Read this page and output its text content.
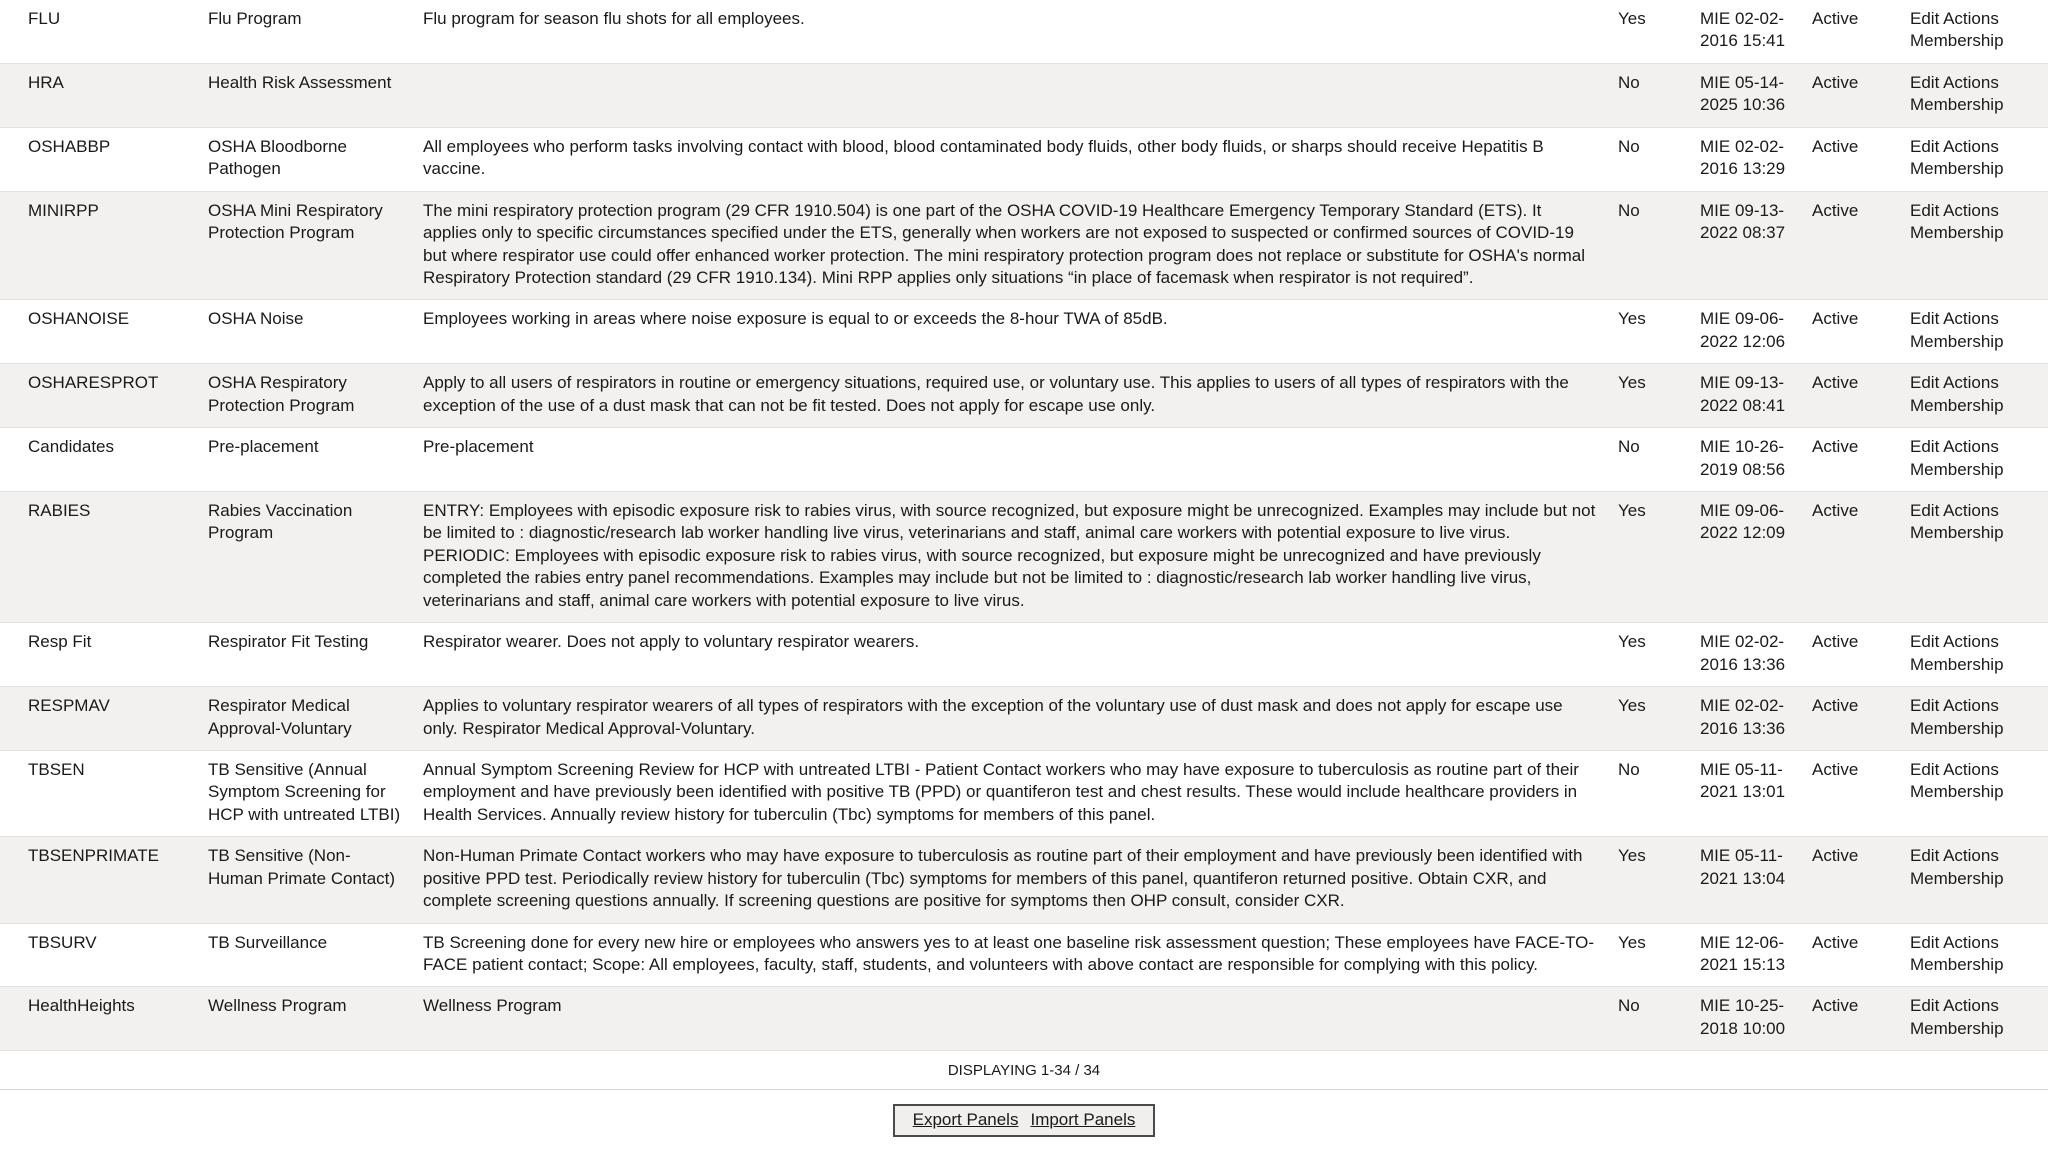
FLU	Flu Program	Flu program for season flu shots for all employees.	Yes	MIE 02-02-2016 15:41	Active	Edit Actions
Membership

HRA	Health Risk Assessment		No	MIE 05-14-2025 10:36	Active	Edit Actions
Membership

OSHABBP	OSHA Bloodborne Pathogen	All employees who perform tasks involving contact with blood, blood contaminated body fluids, other body fluids, or sharps should receive Hepatitis B vaccine.	No	MIE 02-02-2016 13:29	Active	Edit Actions
Membership

MINIRPP	OSHA Mini Respiratory Protection Program	The mini respiratory protection program (29 CFR 1910.504) is one part of the OSHA COVID-19 Healthcare Emergency Temporary Standard (ETS). It applies only to specific circumstances specified under the ETS, generally when workers are not exposed to suspected or confirmed sources of COVID-19 but where respirator use could offer enhanced worker protection. The mini respiratory protection program does not replace or substitute for OSHA's normal Respiratory Protection standard (29 CFR 1910.134). Mini RPP applies only situations “in place of facemask when respirator is not required”.	No	MIE 09-13-2022 08:37	Active	Edit Actions
Membership

OSHANOISE	OSHA Noise	Employees working in areas where noise exposure is equal to or exceeds the 8-hour TWA of 85dB.	Yes	MIE 09-06-2022 12:06	Active	Edit Actions
Membership

OSHARESPROT	OSHA Respiratory Protection Program	Apply to all users of respirators in routine or emergency situations, required use, or voluntary use. This applies to users of all types of respirators with the exception of the use of a dust mask that can not be fit tested. Does not apply for escape use only.	Yes	MIE 09-13-2022 08:41	Active	Edit Actions
Membership

Candidates	Pre-placement	Pre-placement	No	MIE 10-26-2019 08:56	Active	Edit Actions
Membership

RABIES	Rabies Vaccination Program	ENTRY: Employees with episodic exposure risk to rabies virus, with source recognized, but exposure might be unrecognized. Examples may include but not be limited to : diagnostic/research lab worker handling live virus, veterinarians and staff, animal care workers with potential exposure to live virus. PERIODIC: Employees with episodic exposure risk to rabies virus, with source recognized, but exposure might be unrecognized and have previously completed the rabies entry panel recommendations. Examples may include but not be limited to : diagnostic/research lab worker handling live virus, veterinarians and staff, animal care workers with potential exposure to live virus.	Yes	MIE 09-06-2022 12:09	Active	Edit Actions
Membership

Resp Fit	Respirator Fit Testing	Respirator wearer. Does not apply to voluntary respirator wearers.	Yes	MIE 02-02-2016 13:36	Active	Edit Actions
Membership

RESPMAV	Respirator Medical Approval-Voluntary	Applies to voluntary respirator wearers of all types of respirators with the exception of the voluntary use of dust mask and does not apply for escape use only. Respirator Medical Approval-Voluntary.	Yes	MIE 02-02-2016 13:36	Active	Edit Actions
Membership

TBSEN	TB Sensitive (Annual Symptom Screening for HCP with untreated LTBI)	Annual Symptom Screening Review for HCP with untreated LTBI - Patient Contact workers who may have exposure to tuberculosis as routine part of their employment and have previously been identified with positive TB (PPD) or quantiferon test and chest results. These would include healthcare providers in Health Services. Annually review history for tuberculin (Tbc) symptoms for members of this panel.	No	MIE 05-11-2021 13:01	Active	Edit Actions
Membership

TBSENPRIMATE	TB Sensitive (Non-Human Primate Contact)	Non-Human Primate Contact workers who may have exposure to tuberculosis as routine part of their employment and have previously been identified with positive PPD test. Periodically review history for tuberculin (Tbc) symptoms for members of this panel, quantiferon returned positive. Obtain CXR, and complete screening questions annually. If screening questions are positive for symptoms then OHP consult, consider CXR.	Yes	MIE 05-11-2021 13:04	Active	Edit Actions
Membership

TBSURV	TB Surveillance	TB Screening done for every new hire or employees who answers yes to at least one baseline risk assessment question; These employees have FACE-TO-FACE patient contact; Scope: All employees, faculty, staff, students, and volunteers with above contact are responsible for complying with this policy.	Yes	MIE 12-06-2021 15:13	Active	Edit Actions
Membership

HealthHeights	Wellness Program	Wellness Program	No	MIE 10-25-2018 10:00	Active	Edit Actions
Membership
DISPLAYING 1-34 / 34
Export Panels Import Panels
